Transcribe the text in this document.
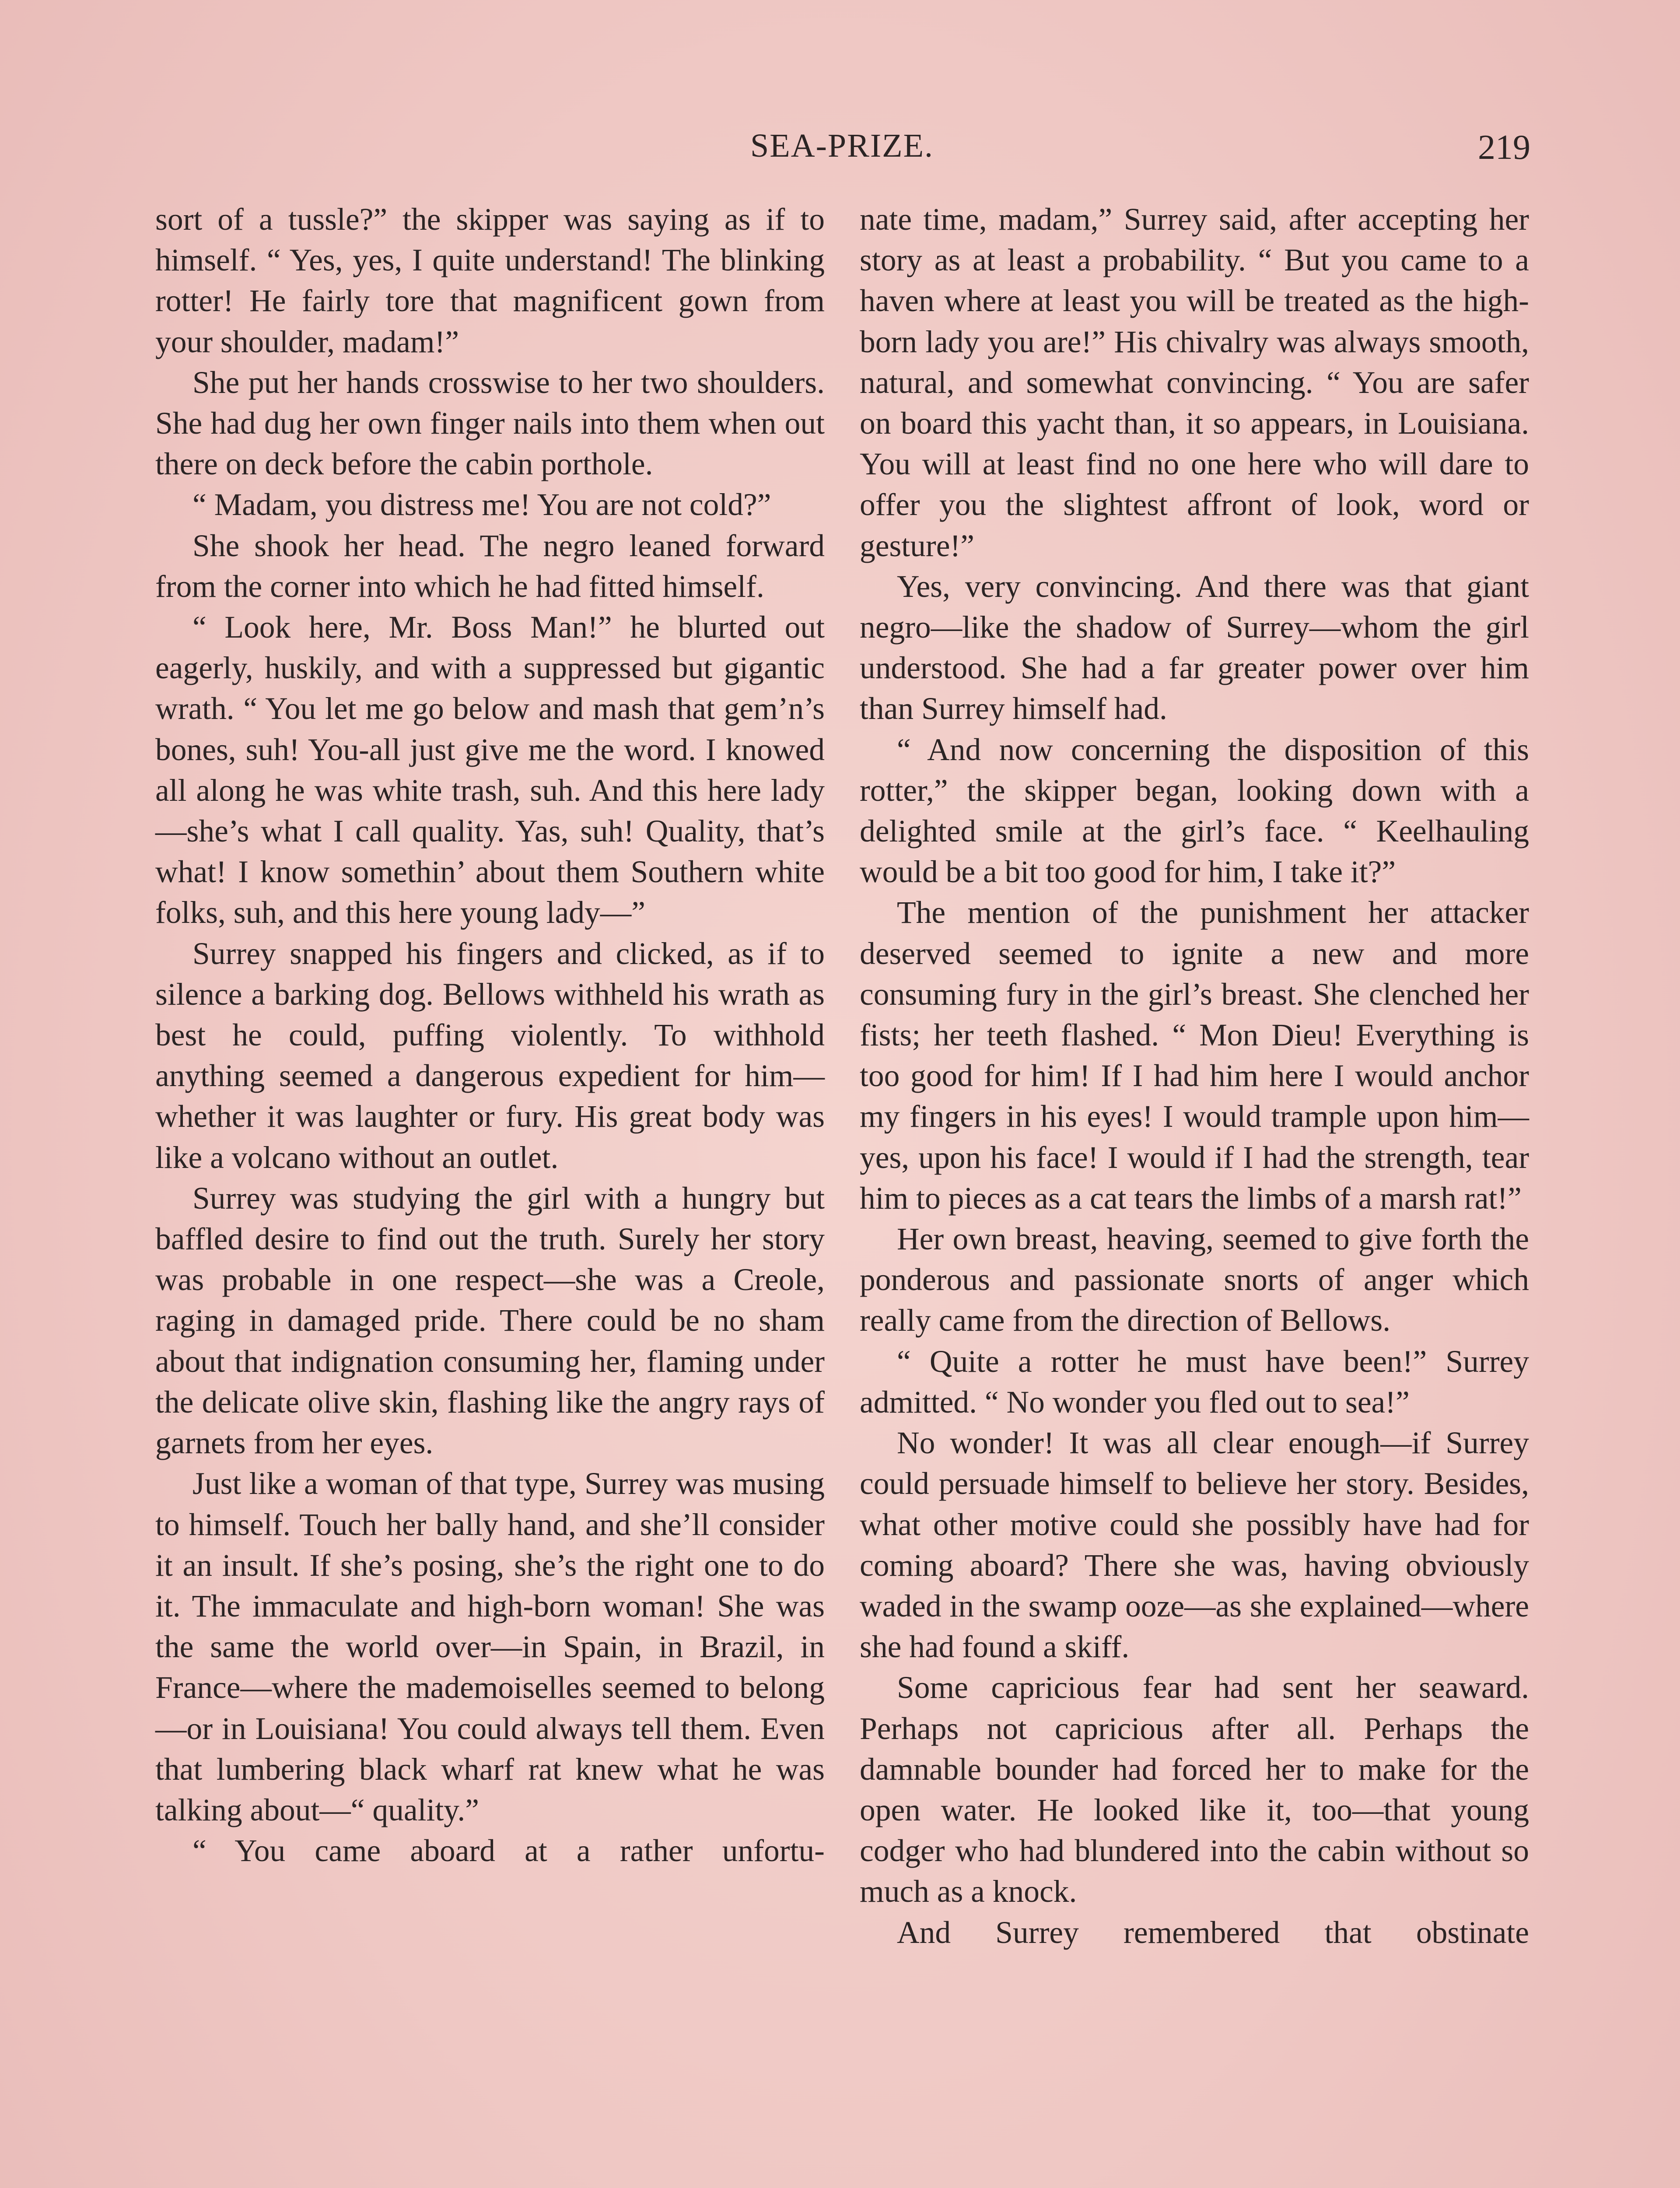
SEA-PRIZE.	219

sort of a tussle?” the skipper was saying as if to himself. “ Yes, yes, I quite understand! The blinking rotter! He fairly tore that magnificent gown from your shoulder, madam!”

She put her hands crosswise to her two shoulders. She had dug her own finger nails into them when out there on deck before the cabin porthole.

“ Madam, you distress me! You are not cold?”

She shook her head. The negro leaned forward from the corner into which he had fitted himself.

“ Look here, Mr. Boss Man!” he blurted out eagerly, huskily, and with a suppressed but gigantic wrath. “ You let me go below and mash that gem’n’s bones, suh! You-all just give me the word. I knowed all along he was white trash, suh. And this here lady—she’s what I call quality. Yas, suh! Quality, that’s what! I know somethin’ about them Southern white folks, suh, and this here young lady—”

Surrey snapped his fingers and clicked, as if to silence a barking dog. Bellows withheld his wrath as best he could, puffing violently. To withhold anything seemed a dangerous expedient for him—whether it was laughter or fury. His great body was like a volcano without an outlet.

Surrey was studying the girl with a hungry but baffled desire to find out the truth. Surely her story was probable in one respect—she was a Creole, raging in damaged pride. There could be no sham about that indignation consuming her, flaming under the delicate olive skin, flashing like the angry rays of garnets from her eyes.

Just like a woman of that type, Surrey was musing to himself. Touch her bally hand, and she’ll consider it an insult. If she’s posing, she’s the right one to do it. The immaculate and high-born woman! She was the same the world over—in Spain, in Brazil, in France—where the mademoiselles seemed to belong—or in Louisiana! You could always tell them. Even that lumbering black wharf rat knew what he was talking about—“ quality.”

“ You came aboard at a rather unfortu-

nate time, madam,” Surrey said, after accepting her story as at least a probability. “ But you came to a haven where at least you will be treated as the high-born lady you are!” His chivalry was always smooth, natural, and somewhat convincing. “ You are safer on board this yacht than, it so appears, in Louisiana. You will at least find no one here who will dare to offer you the slightest affront of look, word or gesture!”

Yes, very convincing. And there was that giant negro—like the shadow of Surrey—whom the girl understood. She had a far greater power over him than Surrey himself had.

“ And now concerning the disposition of this rotter,” the skipper began, looking down with a delighted smile at the girl’s face. “ Keelhauling would be a bit too good for him, I take it?”

The mention of the punishment her attacker deserved seemed to ignite a new and more consuming fury in the girl’s breast. She clenched her fists; her teeth flashed. “ Mon Dieu! Everything is too good for him! If I had him here I would anchor my fingers in his eyes! I would trample upon him—yes, upon his face! I would if I had the strength, tear him to pieces as a cat tears the limbs of a marsh rat!”

Her own breast, heaving, seemed to give forth the ponderous and passionate snorts of anger which really came from the direction of Bellows.

“ Quite a rotter he must have been!” Surrey admitted. “ No wonder you fled out to sea!”

No wonder! It was all clear enough—if Surrey could persuade himself to believe her story. Besides, what other motive could she possibly have had for coming aboard? There she was, having obviously waded in the swamp ooze—as she explained—where she had found a skiff.

Some capricious fear had sent her seaward. Perhaps not capricious after all. Perhaps the damnable bounder had forced her to make for the open water. He looked like it, too—that young codger who had blundered into the cabin without so much as a knock.

And Surrey remembered that obstinate
